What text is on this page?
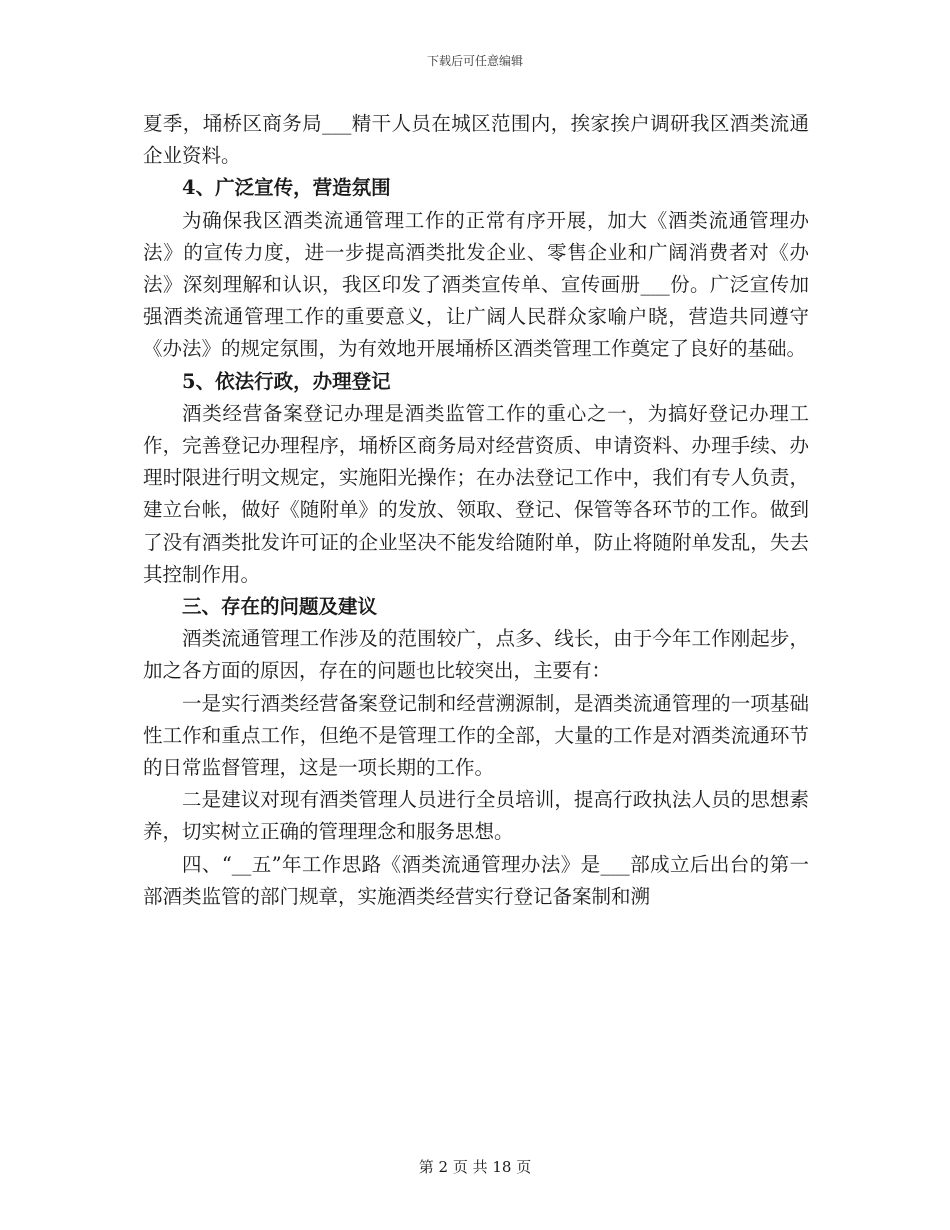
下载后可任意编辑

夏季，埇桥区商务局___精干人员在城区范围内，挨家挨户调研我区酒类流通企业资料。

4、广泛宣传，营造氛围

为确保我区酒类流通管理工作的正常有序开展，加大《酒类流通管理办法》的宣传力度，进一步提高酒类批发企业、零售企业和广阔消费者对《办法》深刻理解和认识，我区印发了酒类宣传单、宣传画册___份。广泛宣传加强酒类流通管理工作的重要意义，让广阔人民群众家喻户晓，营造共同遵守《办法》的规定氛围，为有效地开展埇桥区酒类管理工作奠定了良好的基础。

5、依法行政，办理登记

酒类经营备案登记办理是酒类监管工作的重心之一，为搞好登记办理工作，完善登记办理程序，埇桥区商务局对经营资质、申请资料、办理手续、办理时限进行明文规定，实施阳光操作；在办法登记工作中，我们有专人负责，建立台帐，做好《随附单》的发放、领取、登记、保管等各环节的工作。做到了没有酒类批发许可证的企业坚决不能发给随附单，防止将随附单发乱，失去其控制作用。

三、存在的问题及建议

酒类流通管理工作涉及的范围较广，点多、线长，由于今年工作刚起步，加之各方面的原因，存在的问题也比较突出，主要有：

一是实行酒类经营备案登记制和经营溯源制，是酒类流通管理的一项基础性工作和重点工作，但绝不是管理工作的全部，大量的工作是对酒类流通环节的日常监督管理，这是一项长期的工作。

二是建议对现有酒类管理人员进行全员培训，提高行政执法人员的思想素养，切实树立正确的管理理念和服务思想。

四、“__五”年工作思路《酒类流通管理办法》是___部成立后出台的第一部酒类监管的部门规章，实施酒类经营实行登记备案制和溯

第 2 页 共 18 页
